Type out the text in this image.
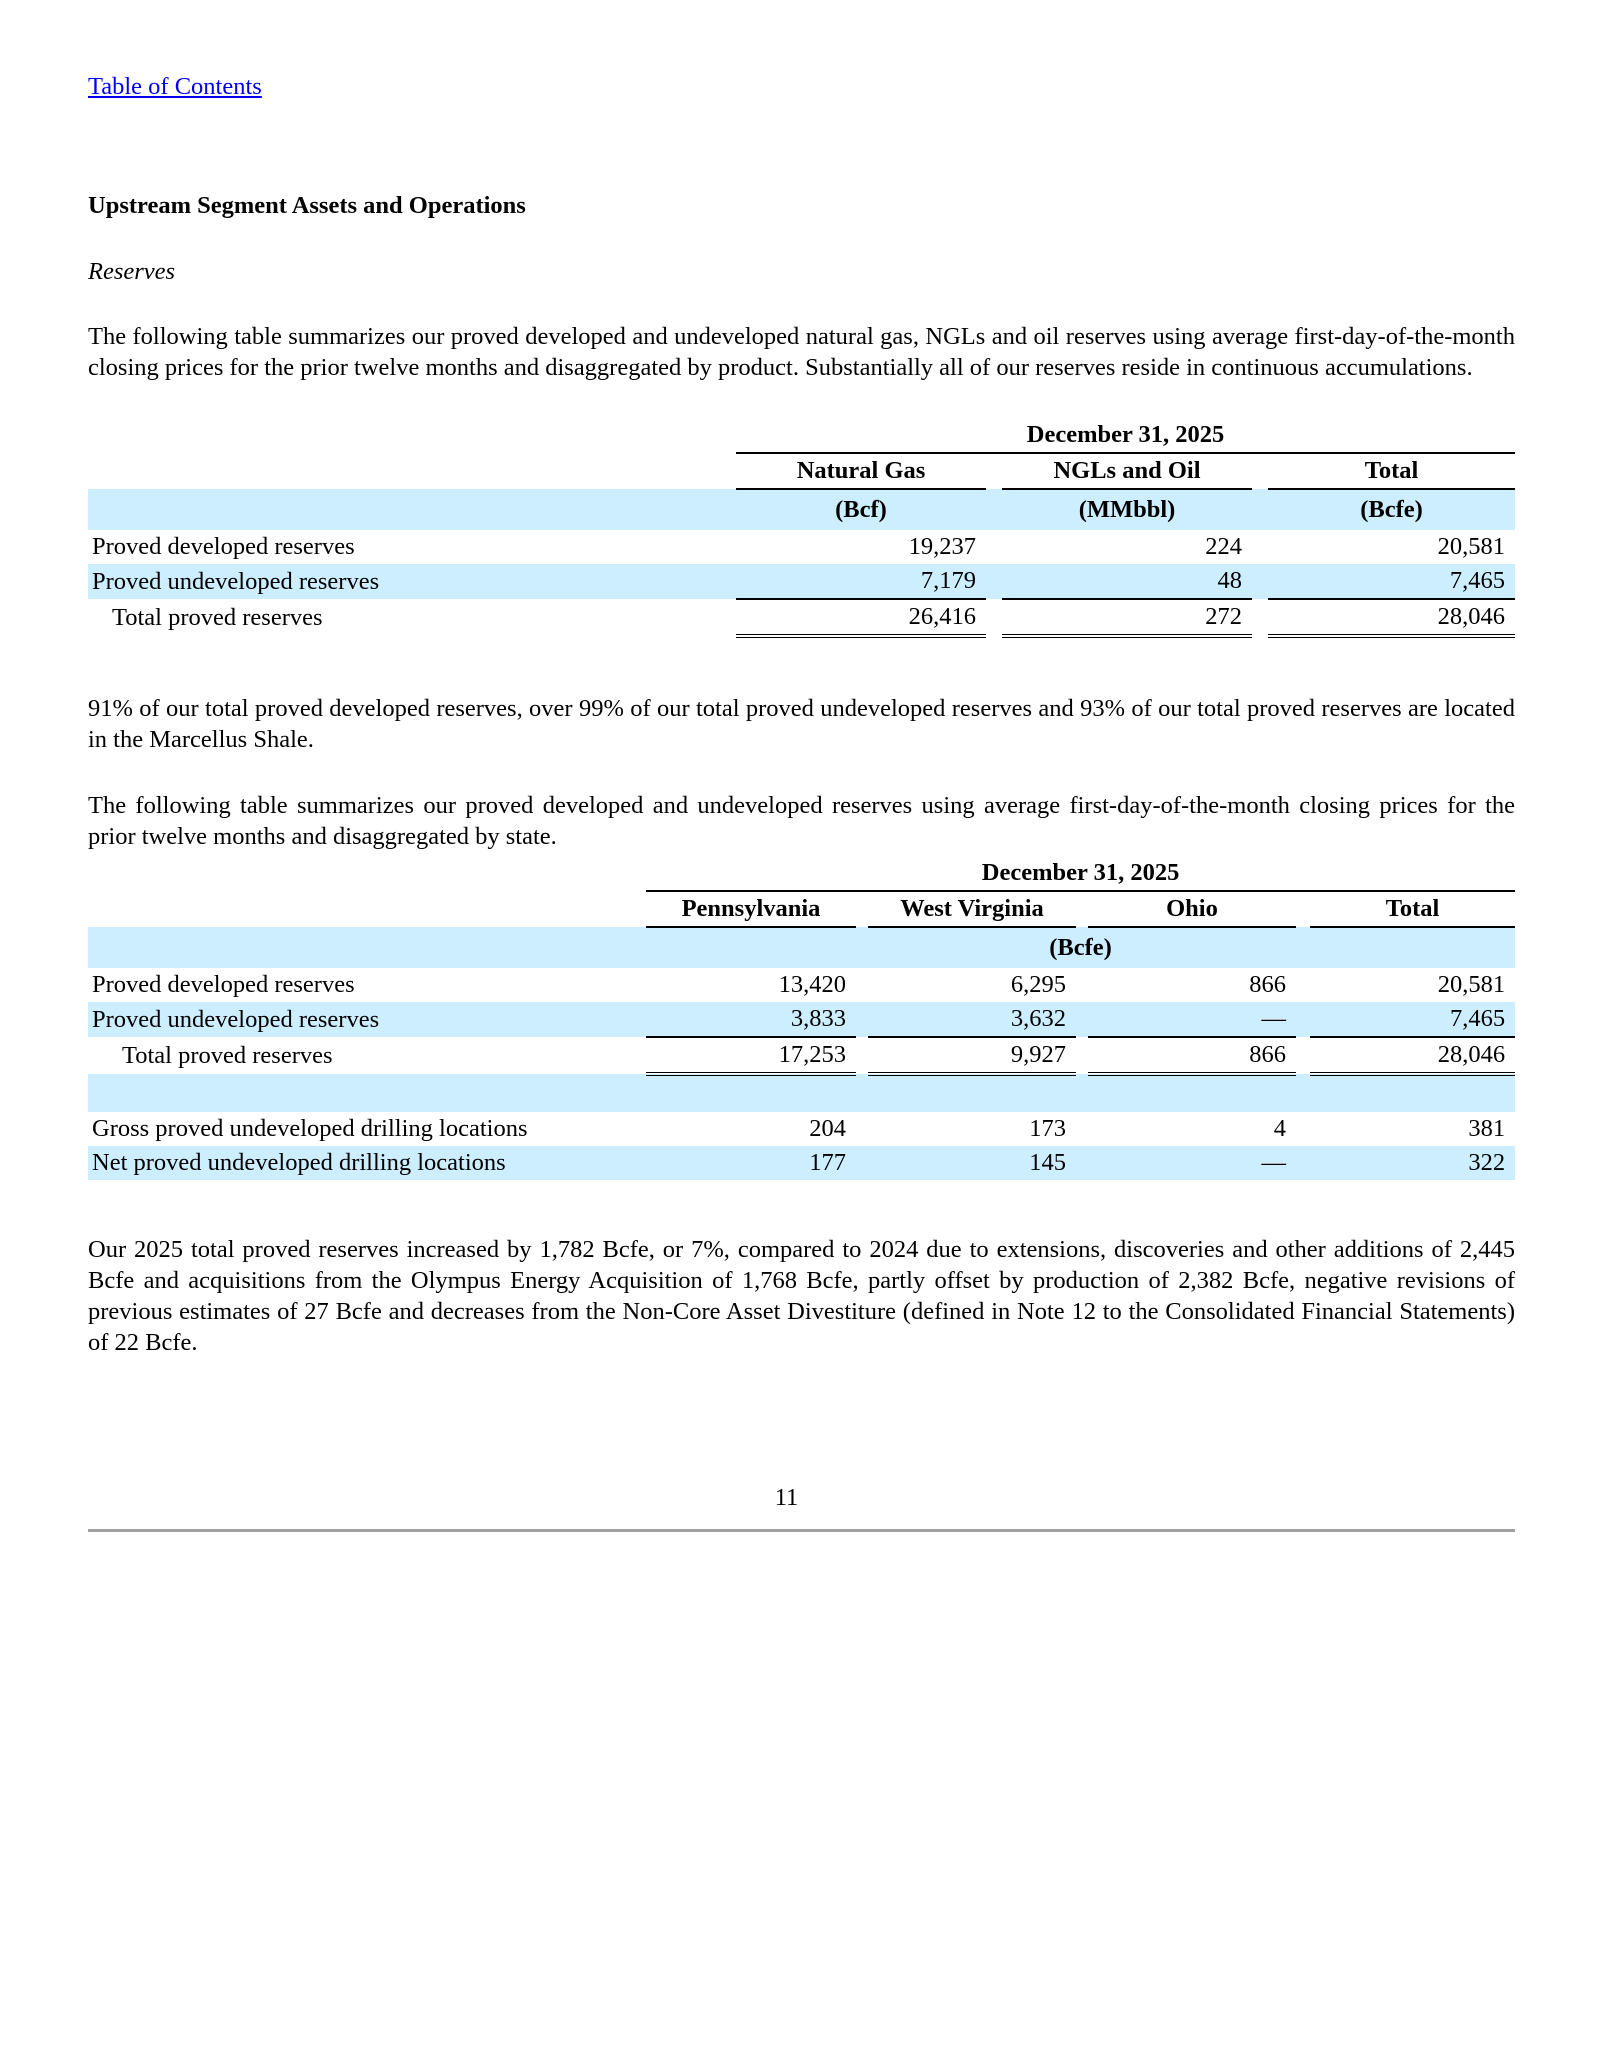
Table of Contents
Upstream Segment Assets and Operations
Reserves
The following table summarizes our proved developed and undeveloped natural gas, NGLs and oil reserves using average first-day-of-the-month closing prices for the prior twelve months and disaggregated by product. Substantially all of our reserves reside in continuous accumulations.
	December 31, 2025				
	Natural Gas		NGLs and Oil		Total
	(Bcf)		(MMbbl)		(Bcfe)
Proved developed reserves	19,237		224		20,581
Proved undeveloped reserves	7,179		48		7,465
Total proved reserves	26,416		272		28,046
91% of our total proved developed reserves, over 99% of our total proved undeveloped reserves and 93% of our total proved reserves are located in the Marcellus Shale.
The following table summarizes our proved developed and undeveloped reserves using average first-day-of-the-month closing prices for the prior twelve months and disaggregated by state.
	December 31, 2025						
	Pennsylvania		West Virginia		Ohio		Total
	(Bcfe)						
Proved developed reserves	13,420		6,295		866		20,581
Proved undeveloped reserves	3,833		3,632		—		7,465
Total proved reserves	17,253		9,927		866		28,046

Gross proved undeveloped drilling locations	204		173		4		381
Net proved undeveloped drilling locations	177		145		—		322
Our 2025 total proved reserves increased by 1,782 Bcfe, or 7%, compared to 2024 due to extensions, discoveries and other additions of 2,445 Bcfe and acquisitions from the Olympus Energy Acquisition of 1,768 Bcfe, partly offset by production of 2,382 Bcfe, negative revisions of previous estimates of 27 Bcfe and decreases from the Non-Core Asset Divestiture (defined in Note 12 to the Consolidated Financial Statements) of 22 Bcfe.
11
